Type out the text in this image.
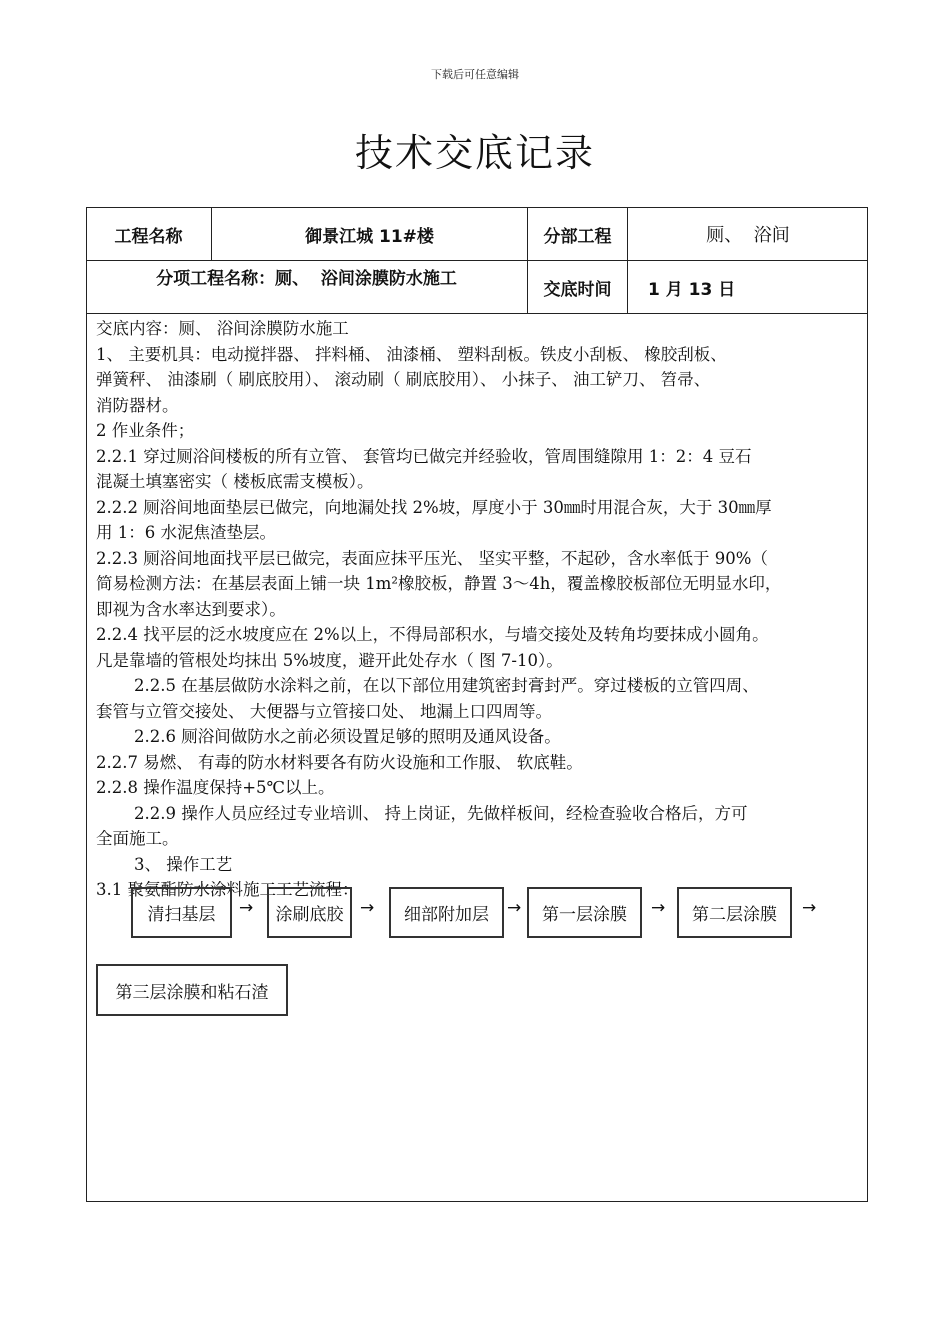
下载后可任意编辑
技术交底记录
工程名称	御景江城 11#楼	分部工程	厕、  浴间
分项工程名称：厕、  浴间涂膜防水施工
交底时间	1 月 13 日
交底内容：厕、 浴间涂膜防水施工
1、 主要机具：电动搅拌器、 拌料桶、 油漆桶、 塑料刮板。铁皮小刮板、 橡胶刮板、
弹簧秤、 油漆刷（ 刷底胶用）、 滚动刷（ 刷底胶用）、 小抹子、 油工铲刀、 笤帚、
消防器材。
2 作业条件；
2.2.1 穿过厕浴间楼板的所有立管、 套管均已做完并经验收，管周围缝隙用 1：2：4 豆石
混凝土填塞密实（ 楼板底需支模板）。
2.2.2 厕浴间地面垫层已做完，向地漏处找 2%坡，厚度小于 30㎜时用混合灰，大于 30㎜厚
用 1：6 水泥焦渣垫层。
2.2.3 厕浴间地面找平层已做完，表面应抹平压光、 坚实平整，不起砂，含水率低于 90%（
简易检测方法：在基层表面上铺一块 1m²橡胶板，静置 3～4h，覆盖橡胶板部位无明显水印，
即视为含水率达到要求）。
2.2.4 找平层的泛水坡度应在 2%以上，不得局部积水，与墙交接处及转角均要抹成小圆角。
凡是靠墙的管根处均抹出 5%坡度，避开此处存水（ 图 7-10）。
2.2.5 在基层做防水涂料之前，在以下部位用建筑密封膏封严。穿过楼板的立管四周、
套管与立管交接处、 大便器与立管接口处、 地漏上口四周等。
2.2.6 厕浴间做防水之前必须设置足够的照明及通风设备。
2.2.7 易燃、 有毒的防水材料要各有防火设施和工作服、 软底鞋。
2.2.8 操作温度保持+5℃以上。
2.2.9 操作人员应经过专业培训、 持上岗证，先做样板间，经检查验收合格后，方可
全面施工。
3、 操作工艺
3.1 聚氨酯防水涂料施工工艺流程：
清扫基层	→	涂刷底胶 →	细部附加层	→	第一层涂膜	→	第二层涂膜	→
第三层涂膜和粘石渣
